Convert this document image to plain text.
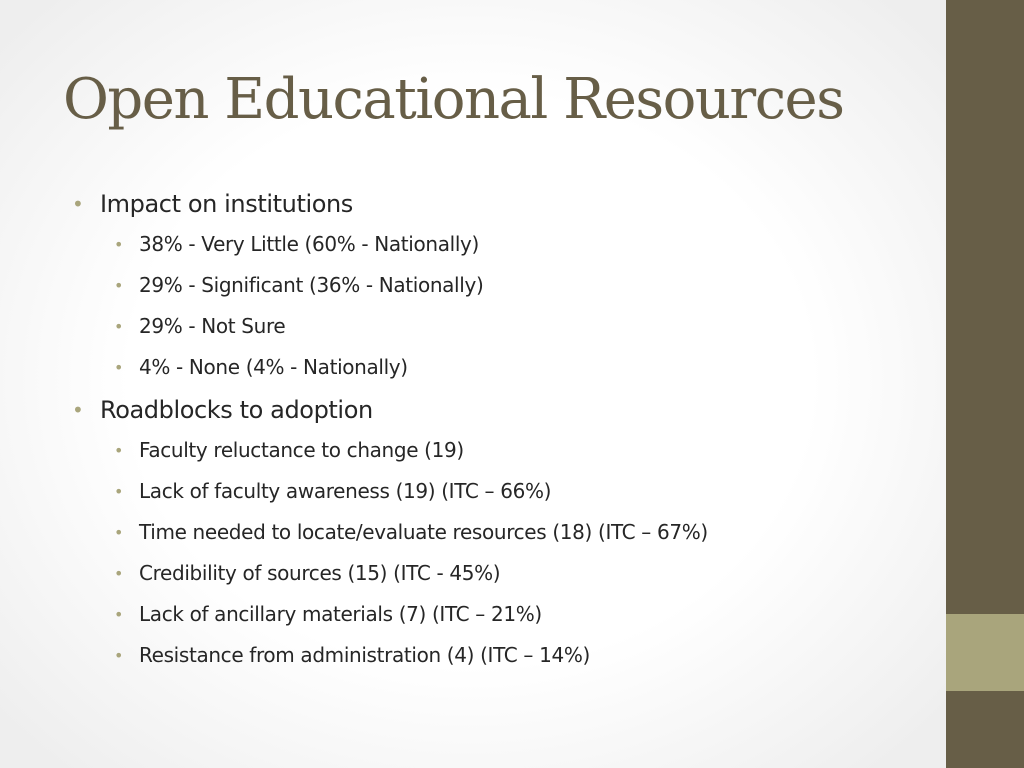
Open Educational Resources
• Impact on institutions
• 38% - Very Little (60% - Nationally)
• 29% - Significant (36% - Nationally)
• 29% - Not Sure
• 4% - None (4% - Nationally)
• Roadblocks to adoption
• Faculty reluctance to change (19)
• Lack of faculty awareness (19) (ITC – 66%)
• Time needed to locate/evaluate resources (18) (ITC – 67%)
• Credibility of sources (15) (ITC - 45%)
• Lack of ancillary materials (7) (ITC – 21%)
• Resistance from administration (4) (ITC – 14%)
